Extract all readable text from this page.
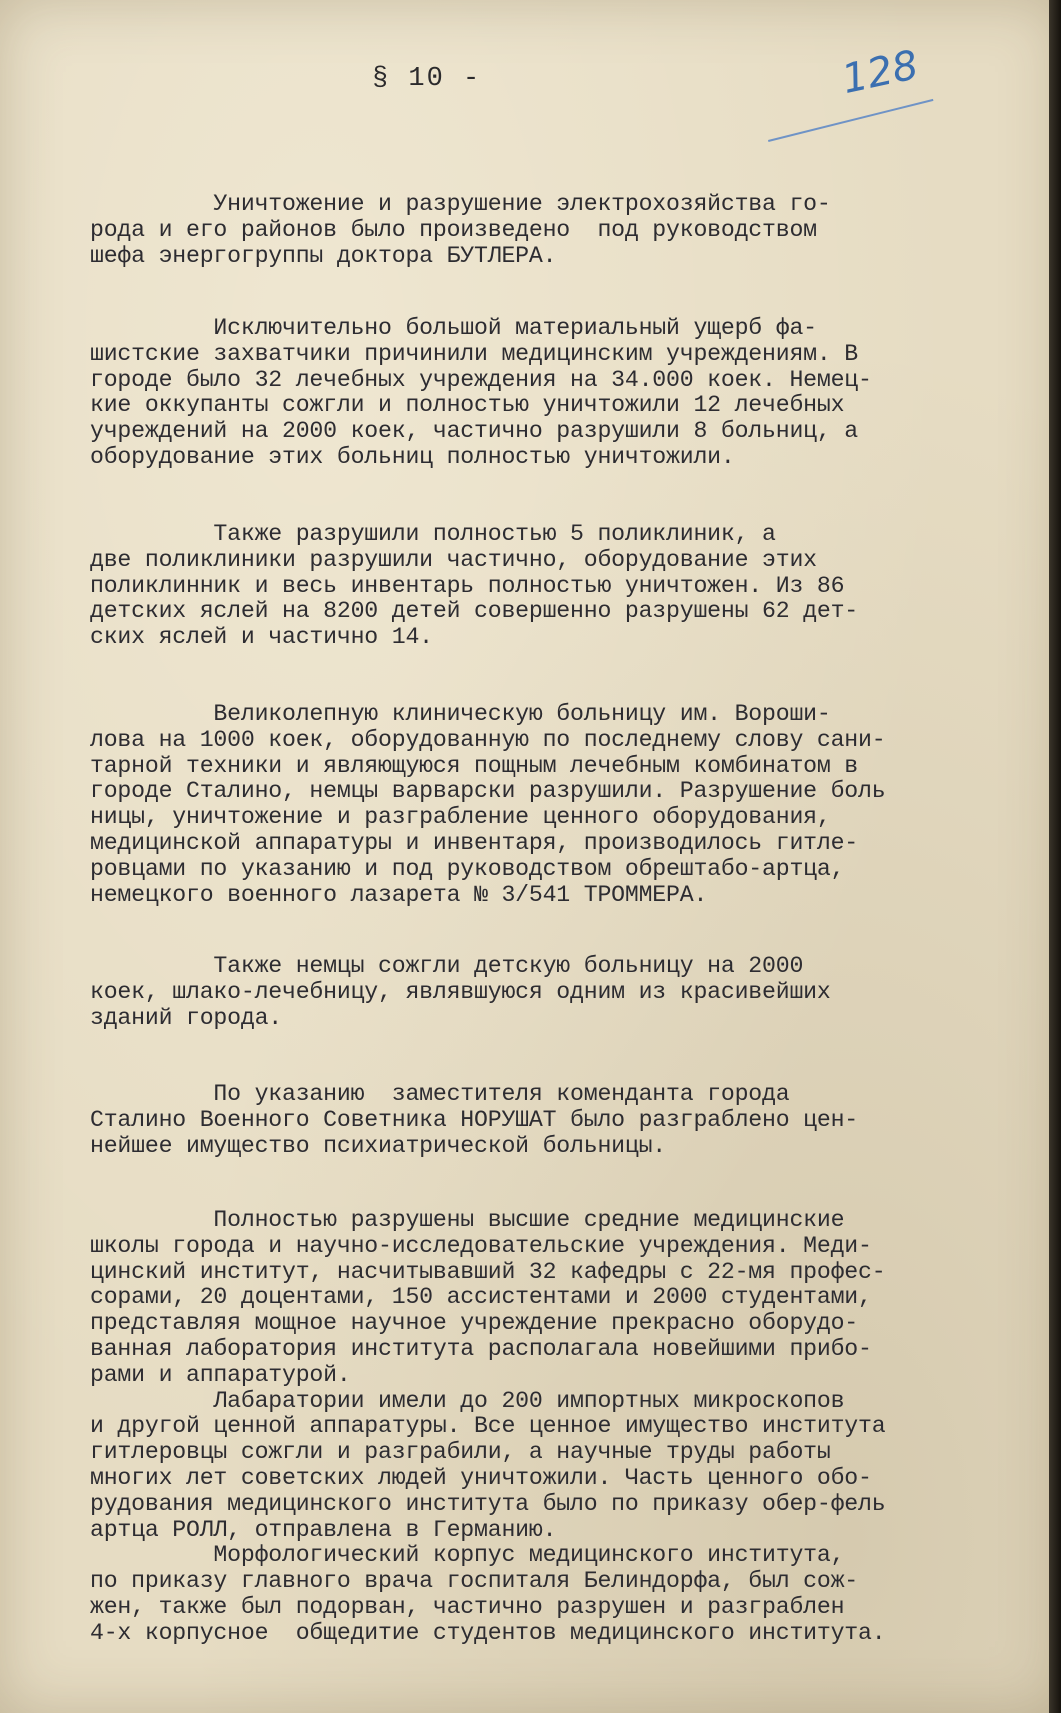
§ 10 -	128

Уничтожение и разрушение электрохозяйства го-
рода и его районов было произведено  под руководством
шефа энергогруппы доктора БУТЛЕРА.

Исключительно большой материальный ущерб фа-
шистские захватчики причинили медицинским учреждениям. В
городе было 32 лечебных учреждения на 34.000 коек. Немец-
кие оккупанты сожгли и полностью уничтожили 12 лечебных
учреждений на 2000 коек, частично разрушили 8 больниц, а
оборудование этих больниц полностью уничтожили.

Также разрушили полностью 5 поликлиник, а
две поликлиники разрушили частично, оборудование этих
поликлинник и весь инвентарь полностью уничтожен. Из 86
детских яслей на 8200 детей совершенно разрушены 62 дет-
ских яслей и частично 14.

Великолепную клиническую больницу им. Вороши-
лова на 1000 коек, оборудованную по последнему слову сани-
тарной техники и являющуюся пощным лечебным комбинатом в
городе Сталино, немцы варварски разрушили. Разрушение боль
ницы, уничтожение и разграбление ценного оборудования,
медицинской аппаратуры и инвентаря, производилось гитле-
ровцами по указанию и под руководством обрештабо-артца,
немецкого военного лазарета № 3/541 ТРОММЕРА.

Также немцы сожгли детскую больницу на 2000
коек, шлако-лечебницу, являвшуюся одним из красивейших
зданий города.

По указанию  заместителя коменданта города
Сталино Военного Советника НОРУШАТ было разграблено цен-
нейшее имущество психиатрической больницы.

Полностью разрушены высшие средние медицинские
школы города и научно-исследовательские учреждения. Меди-
цинский институт, насчитывавший 32 кафедры с 22-мя профес-
сорами, 20 доцентами, 150 ассистентами и 2000 студентами,
представляя мощное научное учреждение прекрасно оборудо-
ванная лаборатория института располагала новейшими прибо-
рами и аппаратурой.
Лабаратории имели до 200 импортных микроскопов
и другой ценной аппаратуры. Все ценное имущество института
гитлеровцы сожгли и разграбили, а научные труды работы
многих лет советских людей уничтожили. Часть ценного обо-
рудования медицинского института было по приказу обер-фель
артца РОЛЛ, отправлена в Германию.
Морфологический корпус медицинского института,
по приказу главного врача госпиталя Белиндорфа, был сож-
жен, также был подорван, частично разрушен и разграблен
4-х корпусное  общедитие студентов медицинского института.
